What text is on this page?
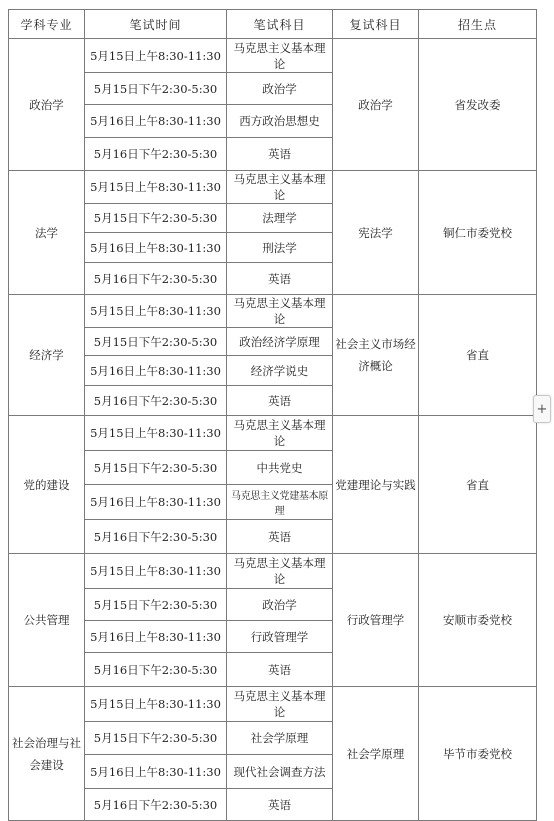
学科专业	笔试时间	笔试科目	复试科目	招生点
政治学	5月15日上午8:30-11:30	马克思主义基本理论	政治学	省发改委
	5月15日下午2:30-5:30	政治学		
	5月16日上午8:30-11:30	西方政治思想史		
	5月16日下午2:30-5:30	英语		
法学	5月15日上午8:30-11:30	马克思主义基本理论	宪法学	铜仁市委党校
	5月15日下午2:30-5:30	法理学		
	5月16日上午8:30-11:30	刑法学		
	5月16日下午2:30-5:30	英语		
经济学	5月15日上午8:30-11:30	马克思主义基本理论	社会主义市场经济概论	省直
	5月15日下午2:30-5:30	政治经济学原理		
	5月16日上午8:30-11:30	经济学说史		
	5月16日下午2:30-5:30	英语		
党的建设	5月15日上午8:30-11:30	马克思主义基本理论	党建理论与实践	省直
	5月15日下午2:30-5:30	中共党史		
	5月16日上午8:30-11:30	马克思主义党建基本原理		
	5月16日下午2:30-5:30	英语		
公共管理	5月15日上午8:30-11:30	马克思主义基本理论	行政管理学	安顺市委党校
	5月15日下午2:30-5:30	政治学		
	5月16日上午8:30-11:30	行政管理学		
	5月16日下午2:30-5:30	英语		
社会治理与社会建设	5月15日上午8:30-11:30	马克思主义基本理论	社会学原理	毕节市委党校
	5月15日下午2:30-5:30	社会学原理		
	5月16日上午8:30-11:30	现代社会调查方法		
	5月16日下午2:30-5:30	英语		
+
